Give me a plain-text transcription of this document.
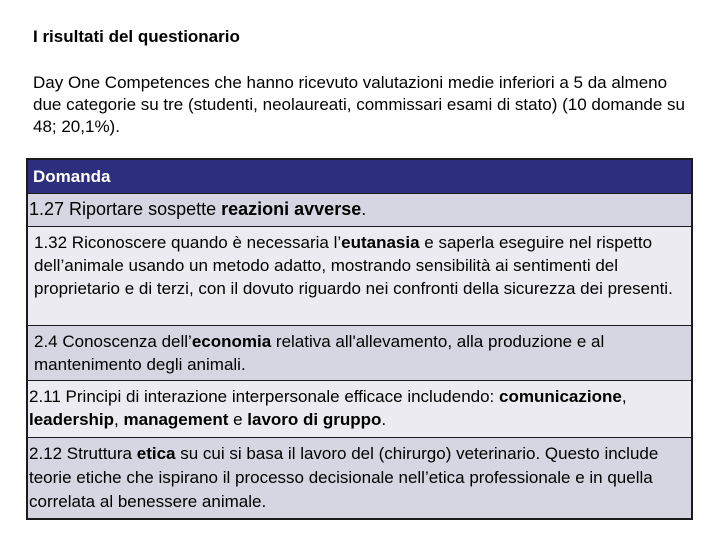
I risultati del questionario
Day One Competences che hanno ricevuto valutazioni medie inferiori a 5 da almeno due categorie su tre (studenti, neolaureati, commissari esami di stato) (10 domande su 48; 20,1%).
Domanda
1.27 Riportare sospette reazioni avverse.
1.32 Riconoscere quando è necessaria l’eutanasia e saperla eseguire nel rispetto dell’animale usando un metodo adatto, mostrando sensibilità ai sentimenti del proprietario e di terzi, con il dovuto riguardo nei confronti della sicurezza dei presenti.
2.4 Conoscenza dell’economia relativa all'allevamento, alla produzione e al mantenimento degli animali.
2.11 Principi di interazione interpersonale efficace includendo: comunicazione, leadership, management e lavoro di gruppo.
2.12 Struttura etica su cui si basa il lavoro del (chirurgo) veterinario. Questo include teorie etiche che ispirano il processo decisionale nell’etica professionale e in quella correlata al benessere animale.
